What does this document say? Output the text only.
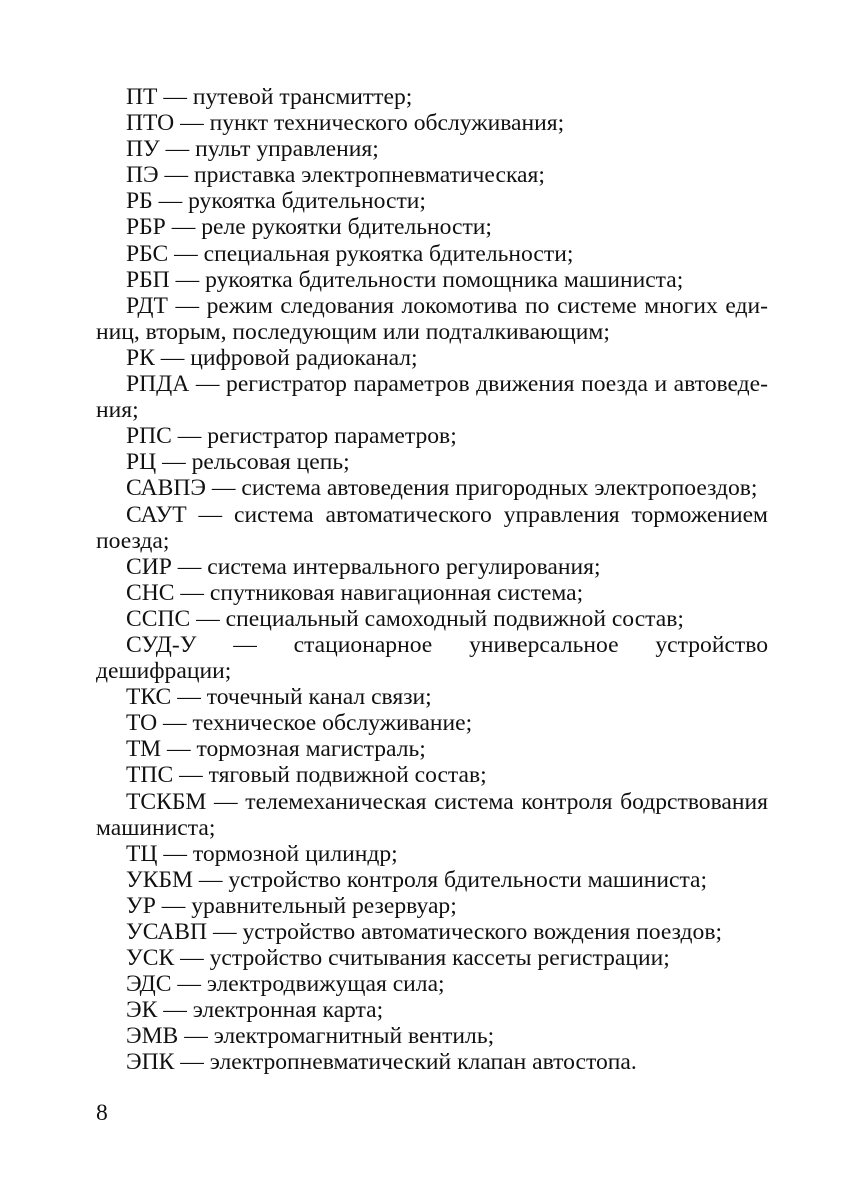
ПТ — путевой трансмиттер;

ПТО — пункт технического обслуживания;

ПУ — пульт управления;

ПЭ — приставка электропневматическая;

РБ — рукоятка бдительности;

РБР — реле рукоятки бдительности;

РБС — специальная рукоятка бдительности;

РБП — рукоятка бдительности помощника машиниста;

РДТ — режим следования локомотива по системе многих единиц, вторым, последующим или подталкивающим;

РК — цифровой радиоканал;

РПДА — регистратор параметров движения поезда и автоведения;

РПС — регистратор параметров;

РЦ — рельсовая цепь;

САВПЭ — система автоведения пригородных электропоездов;

САУТ — система автоматического управления торможением поезда;

СИР — система интервального регулирования;

СНС — спутниковая навигационная система;

ССПС — специальный самоходный подвижной состав;

СУД-У — стационарное универсальное устройство дешифрации;

ТКС — точечный канал связи;

ТО — техническое обслуживание;

ТМ — тормозная магистраль;

ТПС — тяговый подвижной состав;

ТСКБМ — телемеханическая система контроля бодрствования машиниста;

ТЦ — тормозной цилиндр;

УКБМ — устройство контроля бдительности машиниста;

УР — уравнительный резервуар;

УСАВП — устройство автоматического вождения поездов;

УСК — устройство считывания кассеты регистрации;

ЭДС — электродвижущая сила;

ЭК — электронная карта;

ЭМВ — электромагнитный вентиль;

ЭПК — электропневматический клапан автостопа.

8
